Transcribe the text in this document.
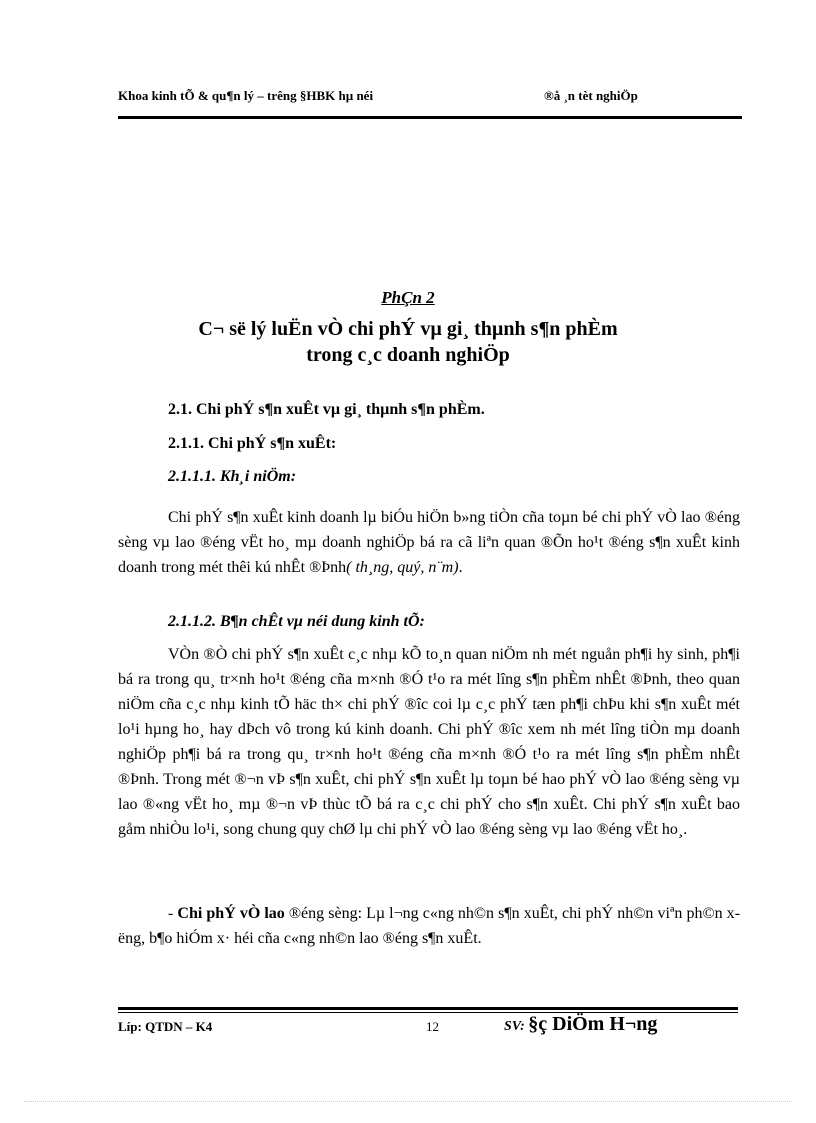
Khoa kinh tÕ & qu¶n lý – trêng §HBK hµ néi	®å ¸n tèt nghiÖp
PhÇn 2
C¬ së lý luËn vÒ chi phÝ vµ gi¸ thµnh s¶n phÈm
trong c¸c doanh nghiÖp
2.1. Chi phÝ s¶n xuÊt vµ gi¸ thµnh s¶n phÈm.
2.1.1. Chi phÝ s¶n xuÊt:
2.1.1.1. Kh¸i niÖm:

Chi phÝ s¶n xuÊt kinh doanh lµ biÓu hiÖn b»ng tiÒn cña toµn bé chi phÝ vÒ lao ®éng sèng vµ lao ®éng vËt ho¸ mµ doanh nghiÖp bá ra cã liªn quan ®Õn ho¹t ®éng s¶n xuÊt kinh doanh trong mét thêi kú nhÊt ®Þnh( th¸ng, quý, n¨m).

2.1.1.2. B¶n chÊt vµ néi dung kinh tÕ:

VÒn ®Ò chi phÝ s¶n xuÊt c¸c nhµ kÕ to¸n quan niÖm nh mét nguån ph¶i hy sinh, ph¶i bá ra trong qu¸ tr×nh ho¹t ®éng cña m×nh ®Ó t¹o ra mét lîng s¶n phÈm nhÊt ®Þnh, theo quan niÖm cña c¸c nhµ kinh tÕ häc th× chi phÝ ®îc coi lµ c¸c phÝ tæn ph¶i chÞu khi s¶n xuÊt mét lo¹i hµng ho¸ hay dÞch vô trong kú kinh doanh. Chi phÝ ®îc xem nh mét lîng tiÒn mµ doanh nghiÖp ph¶i bá ra trong qu¸ tr×nh ho¹t ®éng cña m×nh ®Ó t¹o ra mét lîng s¶n phÈm nhÊt ®Þnh. Trong mét ®¬n vÞ s¶n xuÊt, chi phÝ s¶n xuÊt lµ toµn bé hao phÝ vÒ lao ®éng sèng vµ lao ®«ng vËt ho¸ mµ ®¬n vÞ thùc tÕ bá ra c¸c chi phÝ cho s¶n xuÊt. Chi phÝ s¶n xuÊt bao gåm nhiÒu lo¹i, song chung quy chØ lµ chi phÝ vÒ lao ®éng sèng vµ lao ®éng vËt ho¸.

- Chi phÝ vÒ lao ®éng sèng: Lµ l¬ng c«ng nh©n s¶n xuÊt, chi phÝ nh©n viªn ph©n xëng, b¶o hiÓm x· héi cña c«ng nh©n lao ®éng s¶n xuÊt.

Líp: QTDN – K4	12	SV: §ç DiÖm H¬ng
